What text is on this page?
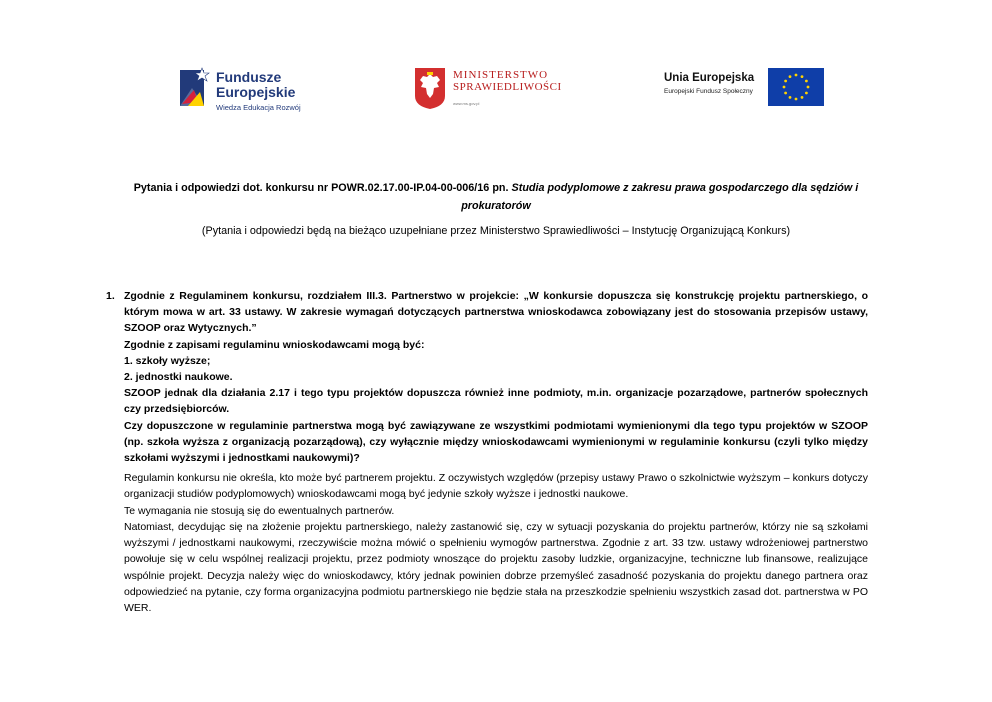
Fundusze
Europejskie
Wiedza Edukacja Rozwój
MINISTERSTWO
SPRAWIEDLIWOŚCI
www.ms.gov.pl
Unia Europejska
Europejski Fundusz Społeczny
Pytania i odpowiedzi dot. konkursu nr POWR.02.17.00-IP.04-00-006/16 pn. Studia podyplomowe z zakresu prawa gospodarczego dla sędziów i
prokuratorów
(Pytania i odpowiedzi będą na bieżąco uzupełniane przez Ministerstwo Sprawiedliwości – Instytucję Organizującą Konkurs)
1. Zgodnie z Regulaminem konkursu, rozdziałem III.3. Partnerstwo w projekcie: „W konkursie dopuszcza się konstrukcję projektu partnerskiego, o którym mowa w art. 33 ustawy. W zakresie wymagań dotyczących partnerstwa wnioskodawca zobowiązany jest do stosowania przepisów ustawy, SZOOP oraz Wytycznych.”

Zgodnie z zapisami regulaminu wnioskodawcami mogą być:

1. szkoły wyższe;

2. jednostki naukowe.

SZOOP jednak dla działania 2.17 i tego typu projektów dopuszcza również inne podmioty, m.in. organizacje pozarządowe, partnerów społecznych czy przedsiębiorców.

Czy dopuszczone w regulaminie partnerstwa mogą być zawiązywane ze wszystkimi podmiotami wymienionymi dla tego typu projektów w SZOOP (np. szkoła wyższa z organizacją pozarządową), czy wyłącznie między wnioskodawcami wymienionymi w regulaminie konkursu (czyli tylko między szkołami wyższymi i jednostkami naukowymi)?

Regulamin konkursu nie określa, kto może być partnerem projektu. Z oczywistych względów (przepisy ustawy Prawo o szkolnictwie wyższym – konkurs dotyczy organizacji studiów podyplomowych) wnioskodawcami mogą być jedynie szkoły wyższe i jednostki naukowe.

Te wymagania nie stosują się do ewentualnych partnerów.

Natomiast, decydując się na złożenie projektu partnerskiego, należy zastanowić się, czy w sytuacji pozyskania do projektu partnerów, którzy nie są szkołami wyższymi / jednostkami naukowymi, rzeczywiście można mówić o spełnieniu wymogów partnerstwa. Zgodnie z art. 33 tzw. ustawy wdrożeniowej partnerstwo powołuje się w celu wspólnej realizacji projektu, przez podmioty wnoszące do projektu zasoby ludzkie, organizacyjne, techniczne lub finansowe, realizujące wspólnie projekt. Decyzja należy więc do wnioskodawcy, który jednak powinien dobrze przemyśleć zasadność pozyskania do projektu danego partnera oraz odpowiedzieć na pytanie, czy forma organizacyjna podmiotu partnerskiego nie będzie stała na przeszkodzie spełnieniu wszystkich zasad dot. partnerstwa w PO WER.
